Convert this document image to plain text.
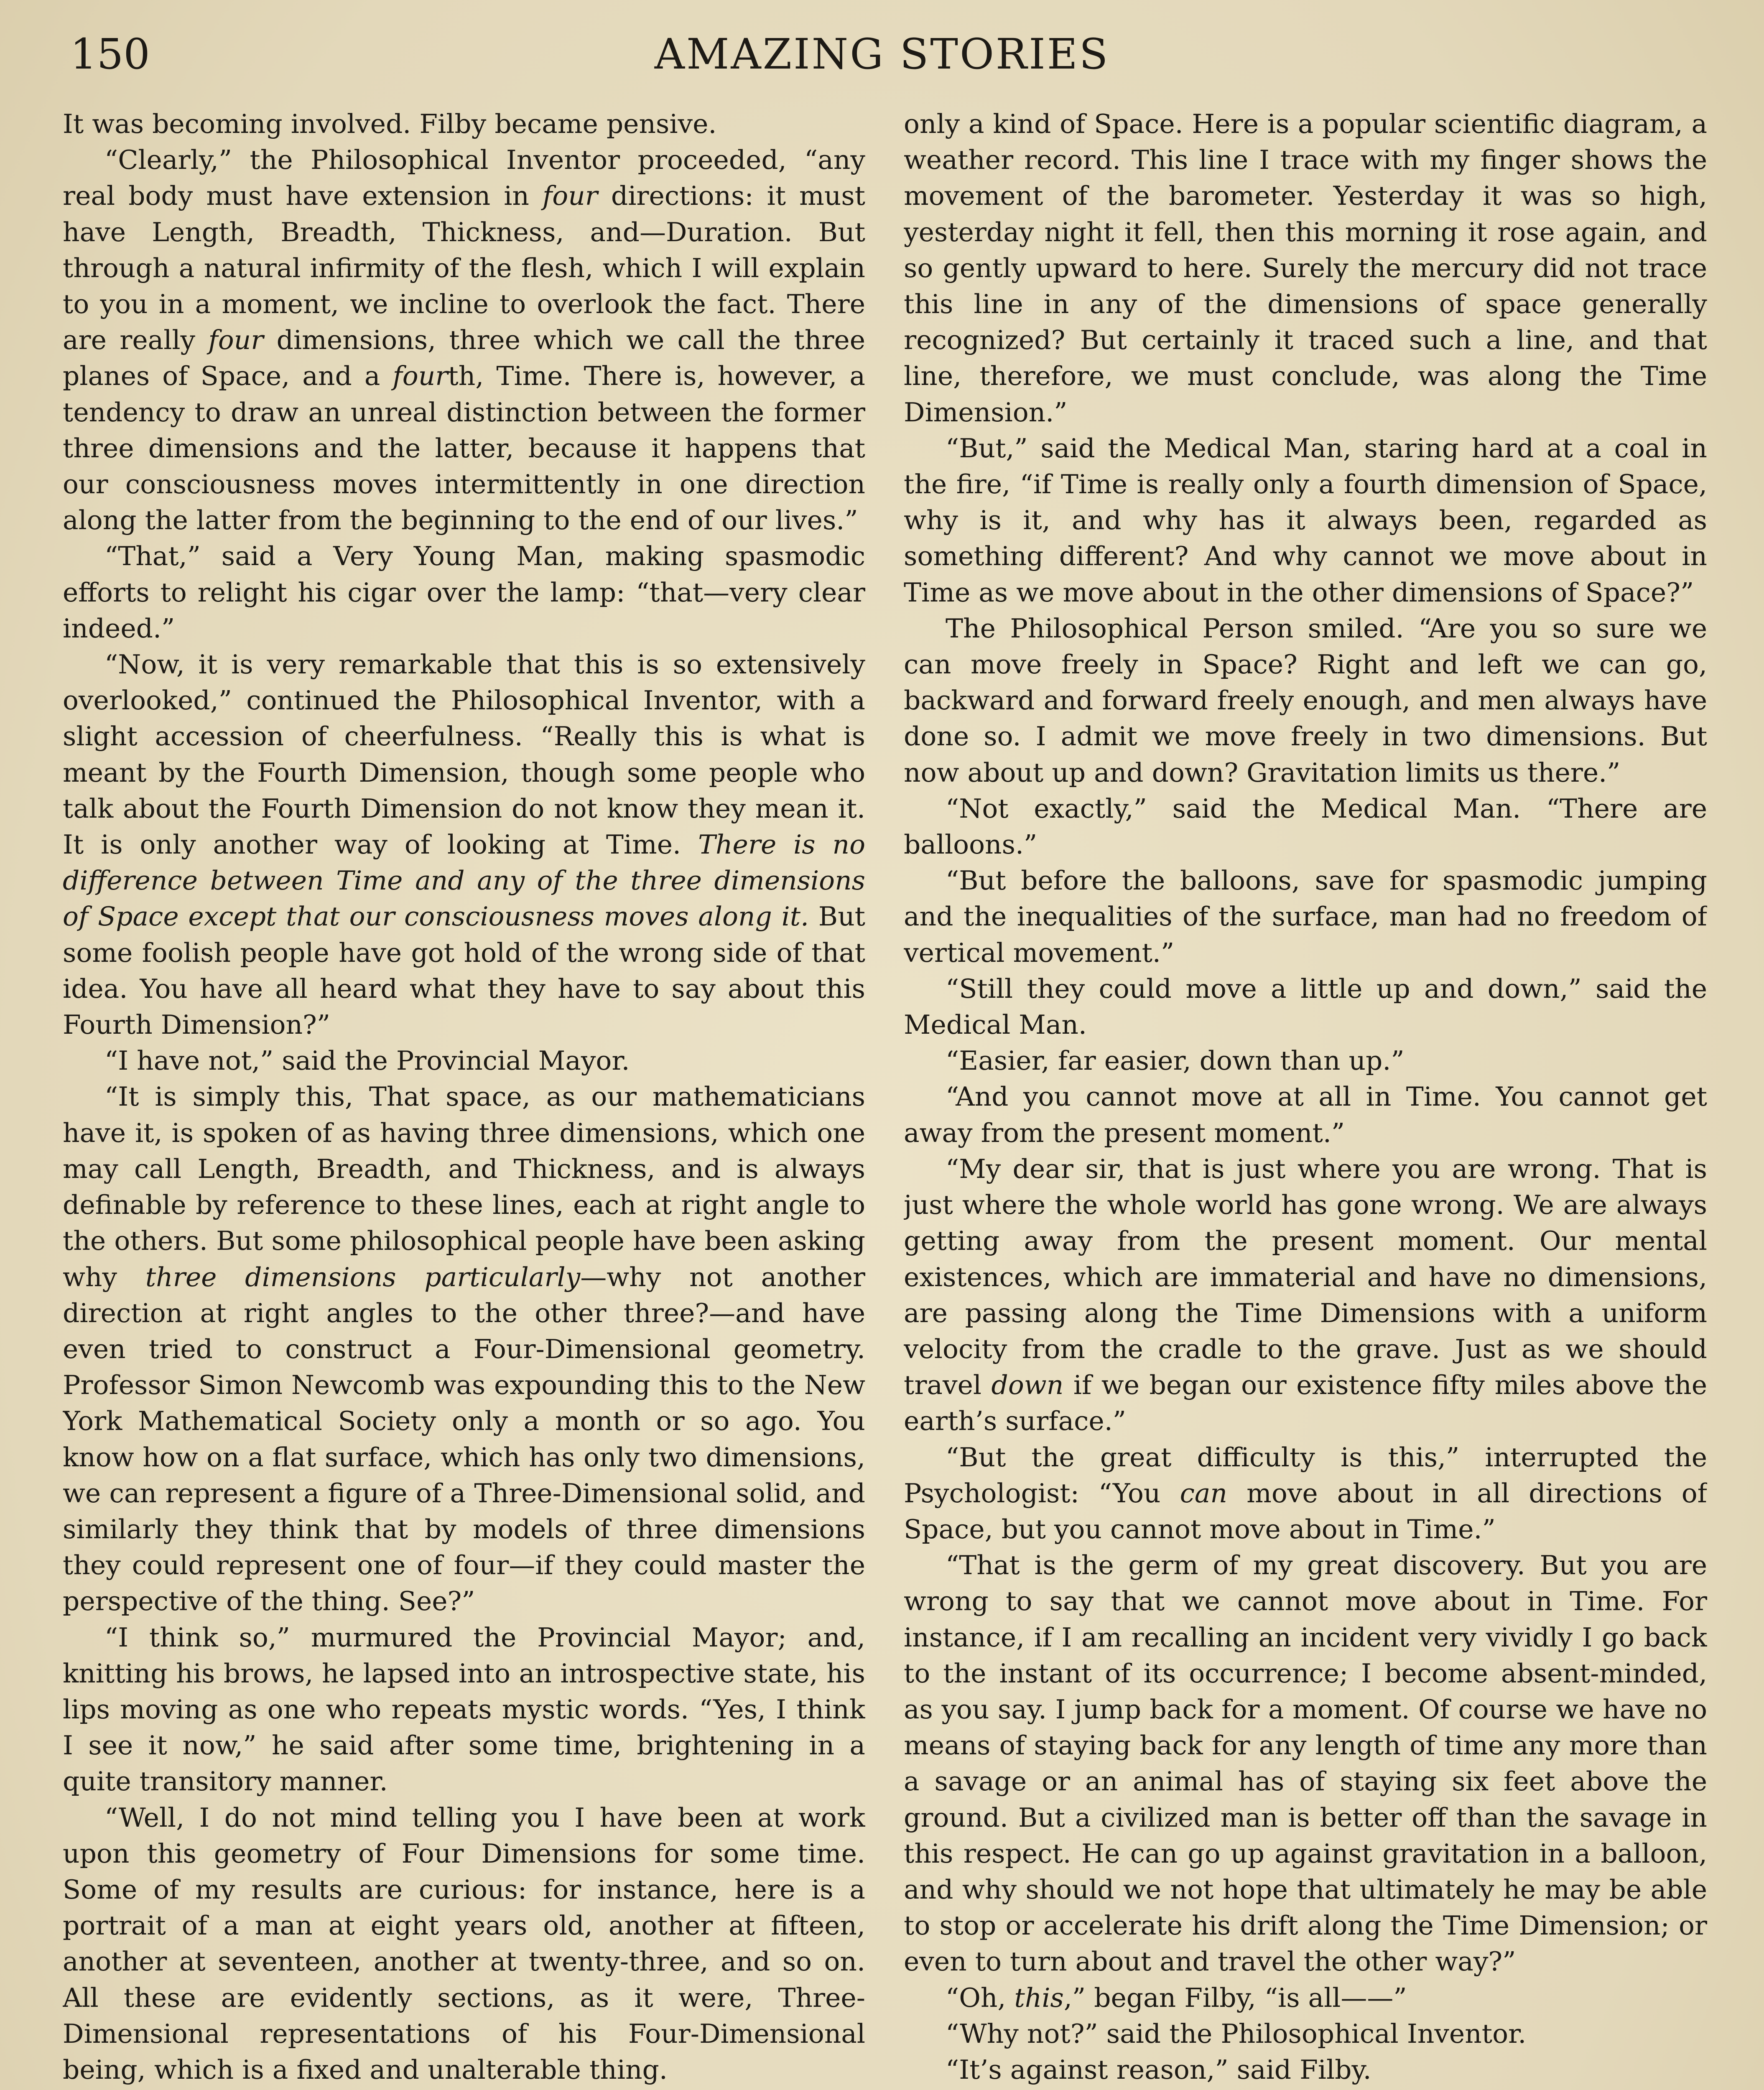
150	AMAZING STORIES

It was becoming involved. Filby became pensive.

“Clearly,” the Philosophical Inventor proceeded, “any real body must have extension in four directions: it must have Length, Breadth, Thickness, and—Duration. But through a natural infirmity of the flesh, which I will explain to you in a moment, we incline to overlook the fact. There are really four dimensions, three which we call the three planes of Space, and a fourth, Time. There is, however, a tendency to draw an unreal distinction between the former three dimensions and the latter, because it happens that our consciousness moves intermittently in one direction along the latter from the beginning to the end of our lives.”

“That,” said a Very Young Man, making spasmodic efforts to relight his cigar over the lamp: “that—very clear indeed.”

“Now, it is very remarkable that this is so extensively overlooked,” continued the Philosophical Inventor, with a slight accession of cheerfulness. “Really this is what is meant by the Fourth Dimension, though some people who talk about the Fourth Dimension do not know they mean it. It is only another way of looking at Time. There is no difference between Time and any of the three dimensions of Space except that our consciousness moves along it. But some foolish people have got hold of the wrong side of that idea. You have all heard what they have to say about this Fourth Dimension?”

“I have not,” said the Provincial Mayor.

“It is simply this, That space, as our mathematicians have it, is spoken of as having three dimensions, which one may call Length, Breadth, and Thickness, and is always definable by reference to these lines, each at right angle to the others. But some philosophical people have been asking why three dimensions particularly—why not another direction at right angles to the other three?—and have even tried to construct a Four-Dimensional geometry. Professor Simon Newcomb was expounding this to the New York Mathematical Society only a month or so ago. You know how on a flat surface, which has only two dimensions, we can represent a figure of a Three-Dimensional solid, and similarly they think that by models of three dimensions they could represent one of four—if they could master the perspective of the thing. See?”

“I think so,” murmured the Provincial Mayor; and, knitting his brows, he lapsed into an introspective state, his lips moving as one who repeats mystic words. “Yes, I think I see it now,” he said after some time, brightening in a quite transitory manner.

“Well, I do not mind telling you I have been at work upon this geometry of Four Dimensions for some time. Some of my results are curious: for instance, here is a portrait of a man at eight years old, another at fifteen, another at seventeen, another at twenty-three, and so on. All these are evidently sections, as it were, Three-Dimensional representations of his Four-Dimensional being, which is a fixed and unalterable thing.

only a kind of Space. Here is a popular scientific diagram, a weather record. This line I trace with my finger shows the movement of the barometer. Yesterday it was so high, yesterday night it fell, then this morning it rose again, and so gently upward to here. Surely the mercury did not trace this line in any of the dimensions of space generally recognized? But certainly it traced such a line, and that line, therefore, we must conclude, was along the Time Dimension.”

“But,” said the Medical Man, staring hard at a coal in the fire, “if Time is really only a fourth dimension of Space, why is it, and why has it always been, regarded as something different? And why cannot we move about in Time as we move about in the other dimensions of Space?”

The Philosophical Person smiled. “Are you so sure we can move freely in Space? Right and left we can go, backward and forward freely enough, and men always have done so. I admit we move freely in two dimensions. But now about up and down? Gravitation limits us there.”

“Not exactly,” said the Medical Man. “There are balloons.”

“But before the balloons, save for spasmodic jumping and the inequalities of the surface, man had no freedom of vertical movement.”

“Still they could move a little up and down,” said the Medical Man.

“Easier, far easier, down than up.”

“And you cannot move at all in Time. You cannot get away from the present moment.”

“My dear sir, that is just where you are wrong. That is just where the whole world has gone wrong. We are always getting away from the present moment. Our mental existences, which are immaterial and have no dimensions, are passing along the Time Dimensions with a uniform velocity from the cradle to the grave. Just as we should travel down if we began our existence fifty miles above the earth’s surface.”

“But the great difficulty is this,” interrupted the Psychologist: “You can move about in all directions of Space, but you cannot move about in Time.”

“That is the germ of my great discovery. But you are wrong to say that we cannot move about in Time. For instance, if I am recalling an incident very vividly I go back to the instant of its occurrence; I become absent-minded, as you say. I jump back for a moment. Of course we have no means of staying back for any length of time any more than a savage or an animal has of staying six feet above the ground. But a civilized man is better off than the savage in this respect. He can go up against gravitation in a balloon, and why should we not hope that ultimately he may be able to stop or accelerate his drift along the Time Dimension; or even to turn about and travel the other way?”

“Oh, this,” began Filby, “is all——”

“Why not?” said the Philosophical Inventor.

“It’s against reason,” said Filby.
